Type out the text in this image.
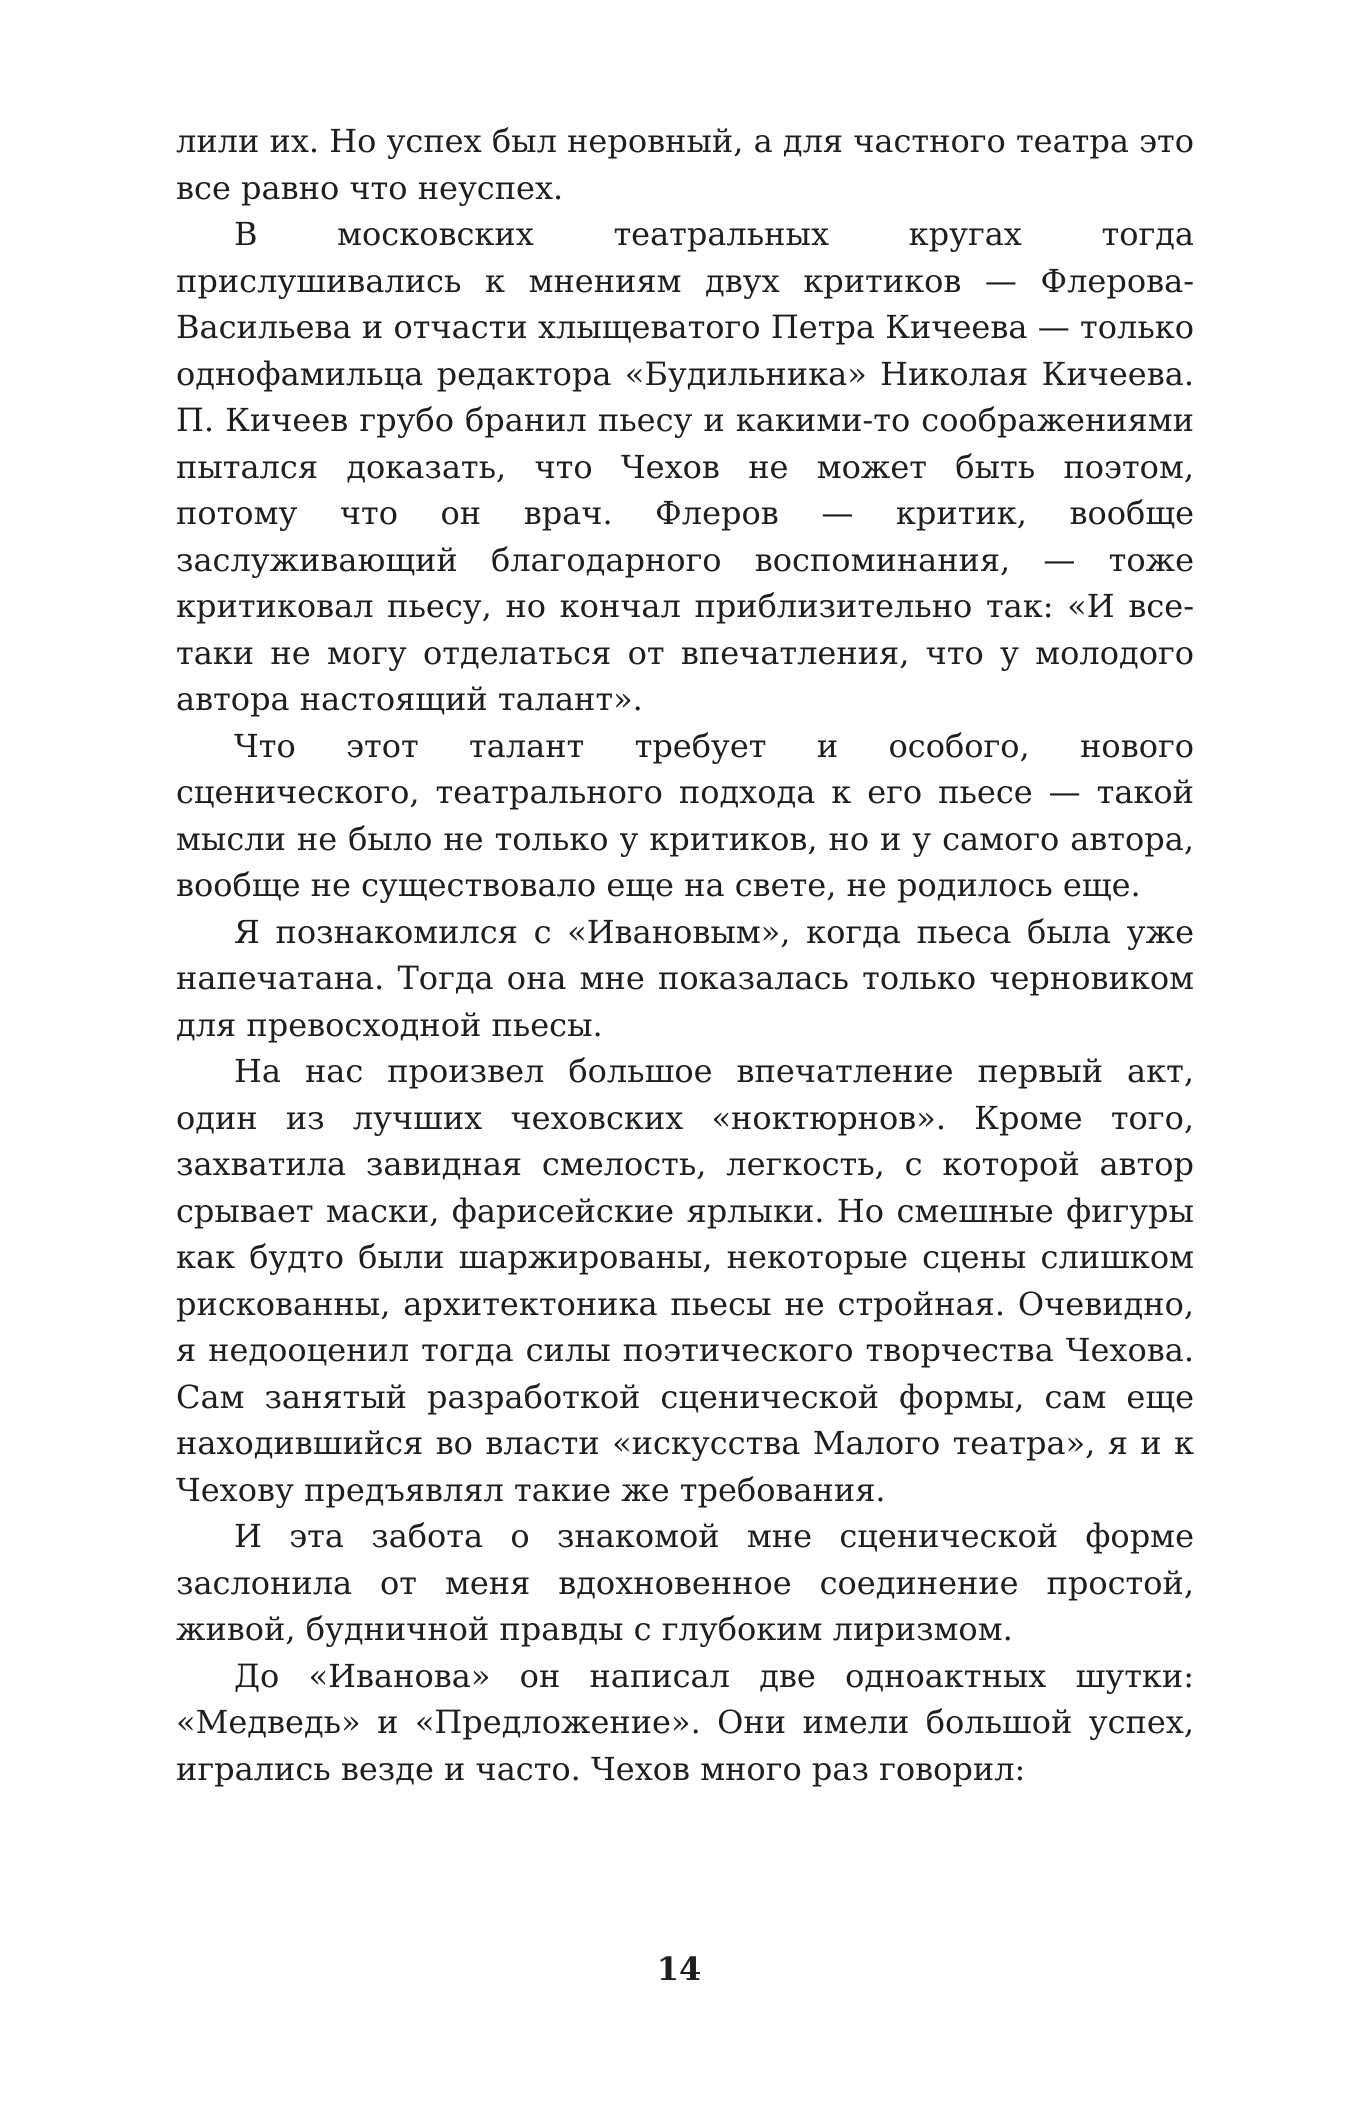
лили их. Но успех был неровный, а для частного театра это все равно что неуспех.

В московских театральных кругах тогда прислушивались к мнениям двух критиков — Флерова-Васильева и отчасти хлыщеватого Петра Кичеева — только однофамильца редактора «Будильника» Николая Кичеева. П. Кичеев грубо бранил пьесу и какими-то соображениями пытался доказать, что Чехов не может быть поэтом, потому что он врач. Флеров — критик, вообще заслуживающий благодарного воспоминания, — тоже критиковал пьесу, но кончал приблизительно так: «И все-таки не могу отделаться от впечатления, что у молодого автора настоящий талант».

Что этот талант требует и особого, нового сценического, театрального подхода к его пьесе — такой мысли не было не только у критиков, но и у самого автора, вообще не существовало еще на свете, не родилось еще.

Я познакомился с «Ивановым», когда пьеса была уже напечатана. Тогда она мне показалась только черновиком для превосходной пьесы.

На нас произвел большое впечатление первый акт, один из лучших чеховских «ноктюрнов». Кроме того, захватила завидная смелость, легкость, с которой автор срывает маски, фарисейские ярлыки. Но смешные фигуры как будто были шаржированы, некоторые сцены слишком рискованны, архитектоника пьесы не стройная. Очевидно, я недооценил тогда силы поэтического творчества Чехова. Сам занятый разработкой сценической формы, сам еще находившийся во власти «искусства Малого театра», я и к Чехову предъявлял такие же требования.

И эта забота о знакомой мне сценической форме заслонила от меня вдохновенное соединение простой, живой, будничной правды с глубоким лиризмом.

До «Иванова» он написал две одноактных шутки: «Медведь» и «Предложение». Они имели большой успех, игрались везде и часто. Чехов много раз говорил:

14
